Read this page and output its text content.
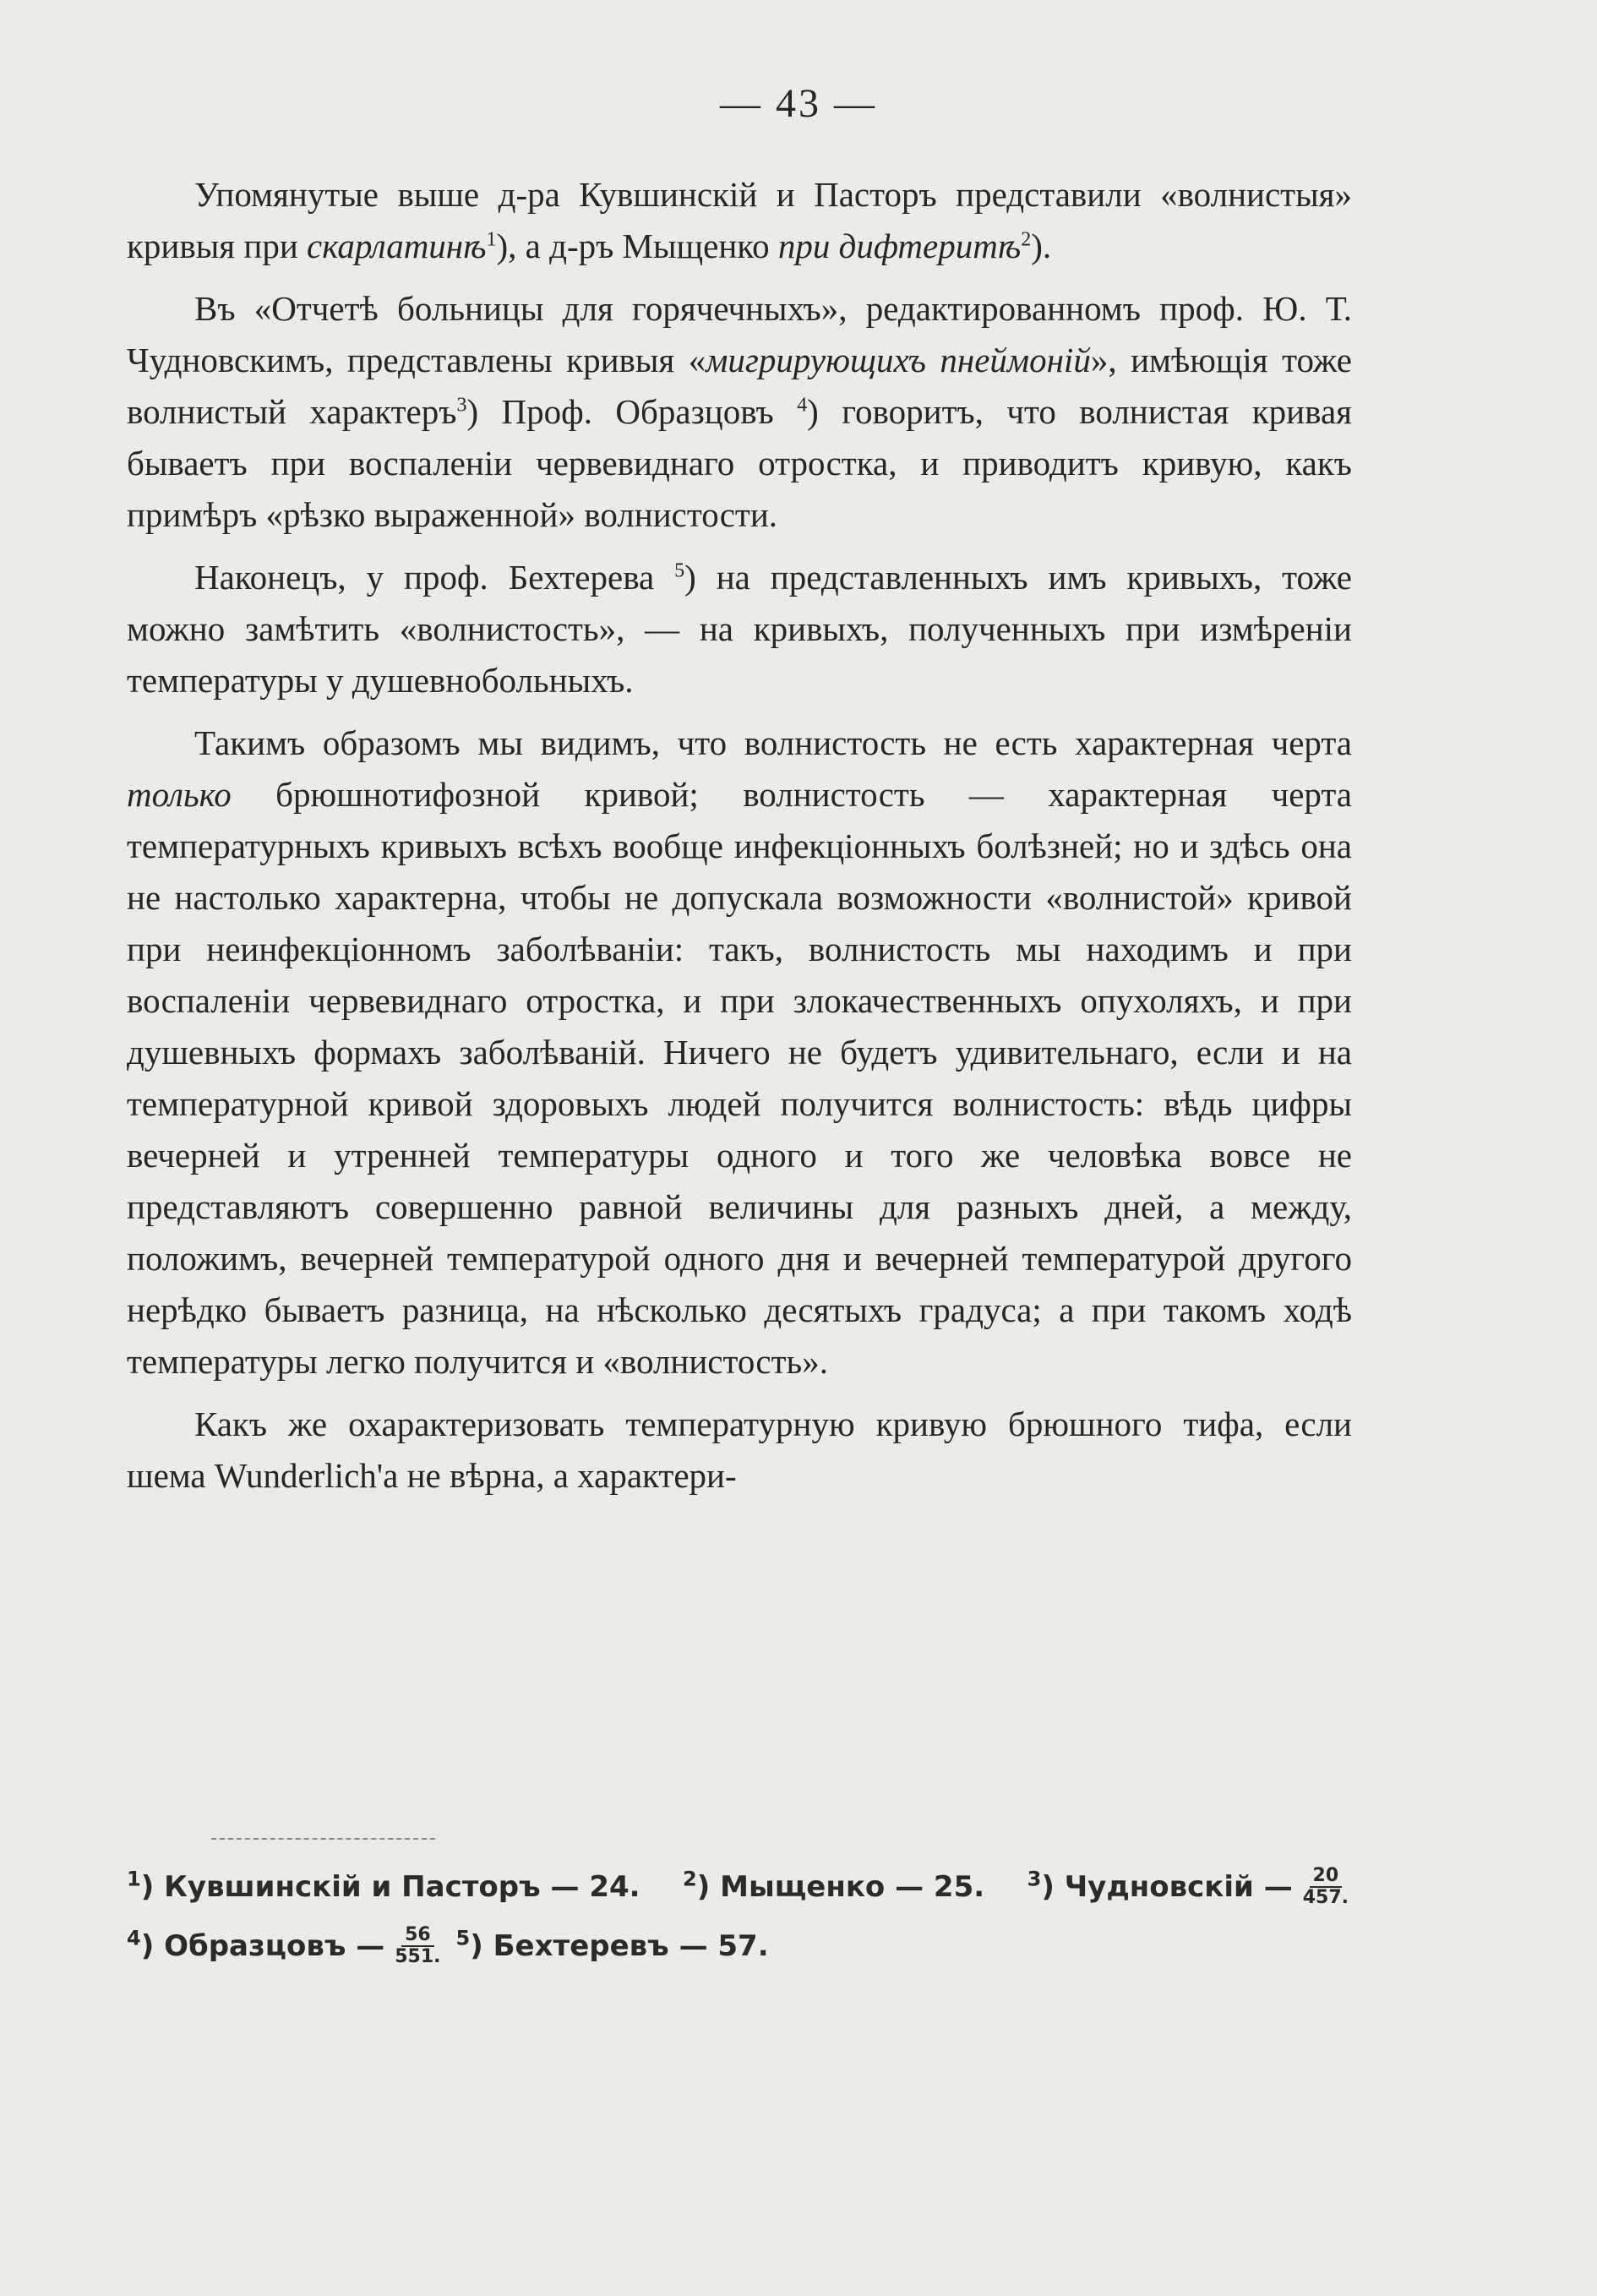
— 43 —

Упомянутые выше д-ра Кувшинскій и Пасторъ представили «волнистыя» кривыя при скарлатинѣ$^1$), а д-ръ Мыщенко при дифтеритѣ$^2$).

Въ «Отчетѣ больницы для горячечныхъ», редактированномъ проф. Ю. Т. Чудновскимъ, представлены кривыя «мигрирующихъ пнеймоній», имѣющія тоже волнистый характеръ$^3$) Проф. Образцовъ $^4$) говоритъ, что волнистая кривая бываетъ при воспаленіи червевиднаго отростка, и приводитъ кривую, какъ примѣръ «рѣзко выраженной» волнистости.

Наконецъ, у проф. Бехтерева $^5$) на представленныхъ имъ кривыхъ, тоже можно замѣтить «волнистость», — на кривыхъ, полученныхъ при измѣреніи температуры у душевнобольныхъ.

Такимъ образомъ мы видимъ, что волнистость не есть характерная черта только брюшнотифозной кривой; волнистость — характерная черта температурныхъ кривыхъ всѣхъ вообще инфекціонныхъ болѣзней; но и здѣсь она не настолько характерна, чтобы не допускала возможности «волнистой» кривой при неинфекціонномъ заболѣваніи: такъ, волнистость мы находимъ и при воспаленіи червевиднаго отростка, и при злокачественныхъ опухоляхъ, и при душевныхъ формахъ заболѣваній. Ничего не будетъ удивительнаго, если и на температурной кривой здоровыхъ людей получится волнистость: вѣдь цифры вечерней и утренней температуры одного и того же человѣка вовсе не представляютъ совершенно равной величины для разныхъ дней, а между, положимъ, вечерней температурой одного дня и вечерней температурой другого нерѣдко бываетъ разница, на нѣсколько десятыхъ градуса; а при такомъ ходѣ температуры легко получится и «волнистость».

Какъ же охарактеризовать температурную кривую брюшного тифа, если шема Wunderlich'a не вѣрна, а характери-

$^1$) Кувшинскій и Пасторъ — 24. $^2$) Мыщенко — 25. $^3$) Чудновскій — $\frac{20}{457.}$
$^4$) Образцовъ — $\frac{56}{551.} ^5$) Бехтеревъ — 57.
